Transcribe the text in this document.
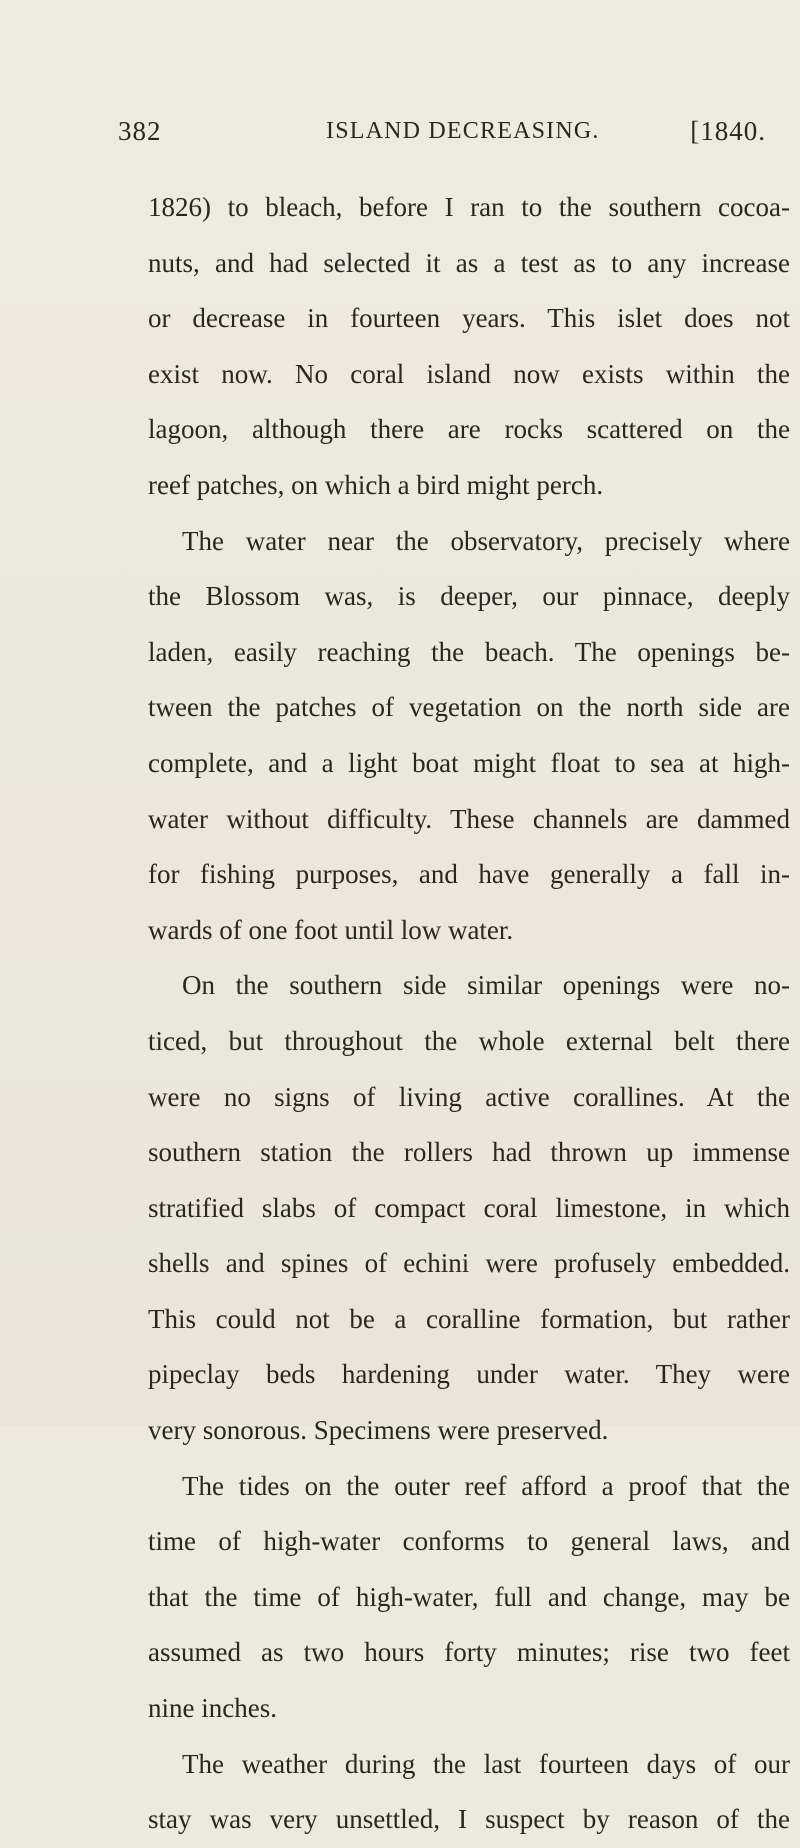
382	ISLAND DECREASING.	[1840.
1826) to bleach, before I ran to the southern cocoa-
nuts, and had selected it as a test as to any increase
or decrease in fourteen years. This islet does not
exist now. No coral island now exists within the
lagoon, although there are rocks scattered on the
reef patches, on which a bird might perch.
The water near the observatory, precisely where
the Blossom was, is deeper, our pinnace, deeply
laden, easily reaching the beach. The openings be-
tween the patches of vegetation on the north side are
complete, and a light boat might float to sea at high-
water without difficulty. These channels are dammed
for fishing purposes, and have generally a fall in-
wards of one foot until low water.
On the southern side similar openings were no-
ticed, but throughout the whole external belt there
were no signs of living active corallines. At the
southern station the rollers had thrown up immense
stratified slabs of compact coral limestone, in which
shells and spines of echini were profusely embedded.
This could not be a coralline formation, but rather
pipeclay beds hardening under water. They were
very sonorous. Specimens were preserved.
The tides on the outer reef afford a proof that the
time of high-water conforms to general laws, and
that the time of high-water, full and change, may be
assumed as two hours forty minutes; rise two feet
nine inches.
The weather during the last fourteen days of our
stay was very unsettled, I suspect by reason of the
